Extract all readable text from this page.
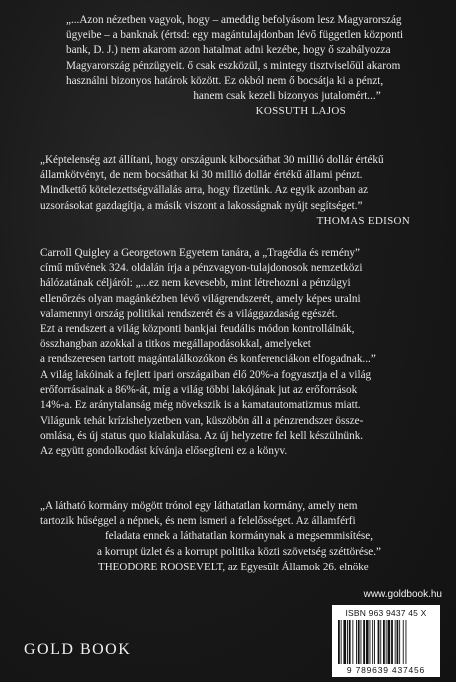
„...Azon nézetben vagyok, hogy – ameddig befolyásom lesz Magyarország
ügyeibe – a banknak (értsd: egy magántulajdonban lévő független központi
bank, D. J.) nem akarom azon hatalmat adni kezébe, hogy ő szabályozza
Magyarország pénzügyeit. ő csak eszközül, s mintegy tisztviselőül akarom
használni bizonyos határok között. Ez okból nem ő bocsátja ki a pénzt,
hanem csak kezeli bizonyos jutalomért...”
KOSSUTH LAJOS
„Képtelenség azt állítani, hogy országunk kibocsáthat 30 millió dollár értékű
államkötvényt, de nem bocsáthat ki 30 millió dollár értékű állami pénzt.
Mindkettő kötelezettségvállalás arra, hogy fizetünk. Az egyik azonban az
uzsorásokat gazdagítja, a másik viszont a lakosságnak nyújt segítséget.”
THOMAS EDISON
Carroll Quigley a Georgetown Egyetem tanára, a „Tragédia és remény”
című művének 324. oldalán írja a pénzvagyon-tulajdonosok nemzetközi
hálózatának céljáról: „...ez nem kevesebb, mint létrehozni a pénzügyi
ellenőrzés olyan magánkézben lévő világrendszerét, amely képes uralni
valamennyi ország politikai rendszerét és a világgazdaság egészét.
Ezt a rendszert a világ központi bankjai feudális módon kontrollálnák,
összhangban azokkal a titkos megállapodásokkal, amelyeket
a rendszeresen tartott magántalálkozókon és konferenciákon elfogadnak...”
A világ lakóinak a fejlett ipari országaiban élő 20%-a fogyasztja el a világ
erőforrásainak a 86%-át, míg a világ többi lakójának jut az erőforrások
14%-a. Ez aránytalanság még növekszik is a kamatautomatizmus miatt.
Világunk tehát krízishelyzetben van, küszöbön áll a pénzrendszer össze-
omlása, és új status quo kialakulása. Az új helyzetre fel kell készülnünk.
Az együtt gondolkodást kívánja elősegíteni ez a könyv.
„A látható kormány mögött trónol egy láthatatlan kormány, amely nem
tartozik hűséggel a népnek, és nem ismeri a felelősséget. Az államférfi
feladata ennek a láthatatlan kormánynak a megsemmisítése,
a korrupt üzlet és a korrupt politika közti szövetség széttörése.”
THEODORE ROOSEVELT, az Egyesült Államok 26. elnöke
www.goldbook.hu
ISBN 963 9437 45 X
9 789639 437456
GOLD BOOK
